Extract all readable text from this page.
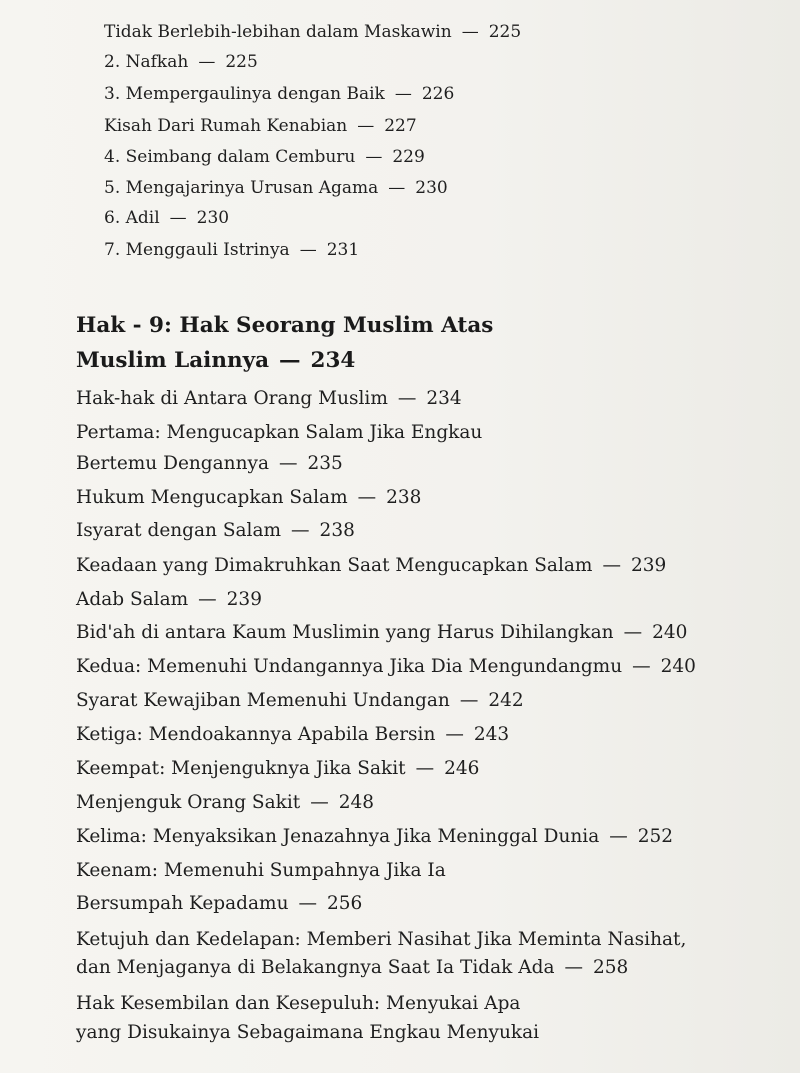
Tidak Berlebih-lebihan dalam Maskawin — 225
2. Nafkah — 225
3. Mempergaulinya dengan Baik — 226
Kisah Dari Rumah Kenabian — 227
4. Seimbang dalam Cemburu — 229
5. Mengajarinya Urusan Agama — 230
6. Adil — 230
7. Menggauli Istrinya — 231
Hak - 9: Hak Seorang Muslim Atas
Muslim Lainnya — 234
Hak-hak di Antara Orang Muslim — 234
Pertama: Mengucapkan Salam Jika Engkau
Bertemu Dengannya — 235
Hukum Mengucapkan Salam — 238
Isyarat dengan Salam — 238
Keadaan yang Dimakruhkan Saat Mengucapkan Salam — 239
Adab Salam — 239
Bid'ah di antara Kaum Muslimin yang Harus Dihilangkan — 240
Kedua: Memenuhi Undangannya Jika Dia Mengundangmu — 240
Syarat Kewajiban Memenuhi Undangan — 242
Ketiga: Mendoakannya Apabila Bersin — 243
Keempat: Menjenguknya Jika Sakit — 246
Menjenguk Orang Sakit — 248
Kelima: Menyaksikan Jenazahnya Jika Meninggal Dunia — 252
Keenam: Memenuhi Sumpahnya Jika Ia
Bersumpah Kepadamu — 256
Ketujuh dan Kedelapan: Memberi Nasihat Jika Meminta Nasihat,
dan Menjaganya di Belakangnya Saat Ia Tidak Ada — 258
Hak Kesembilan dan Kesepuluh: Menyukai Apa
yang Disukainya Sebagaimana Engkau Menyukai
